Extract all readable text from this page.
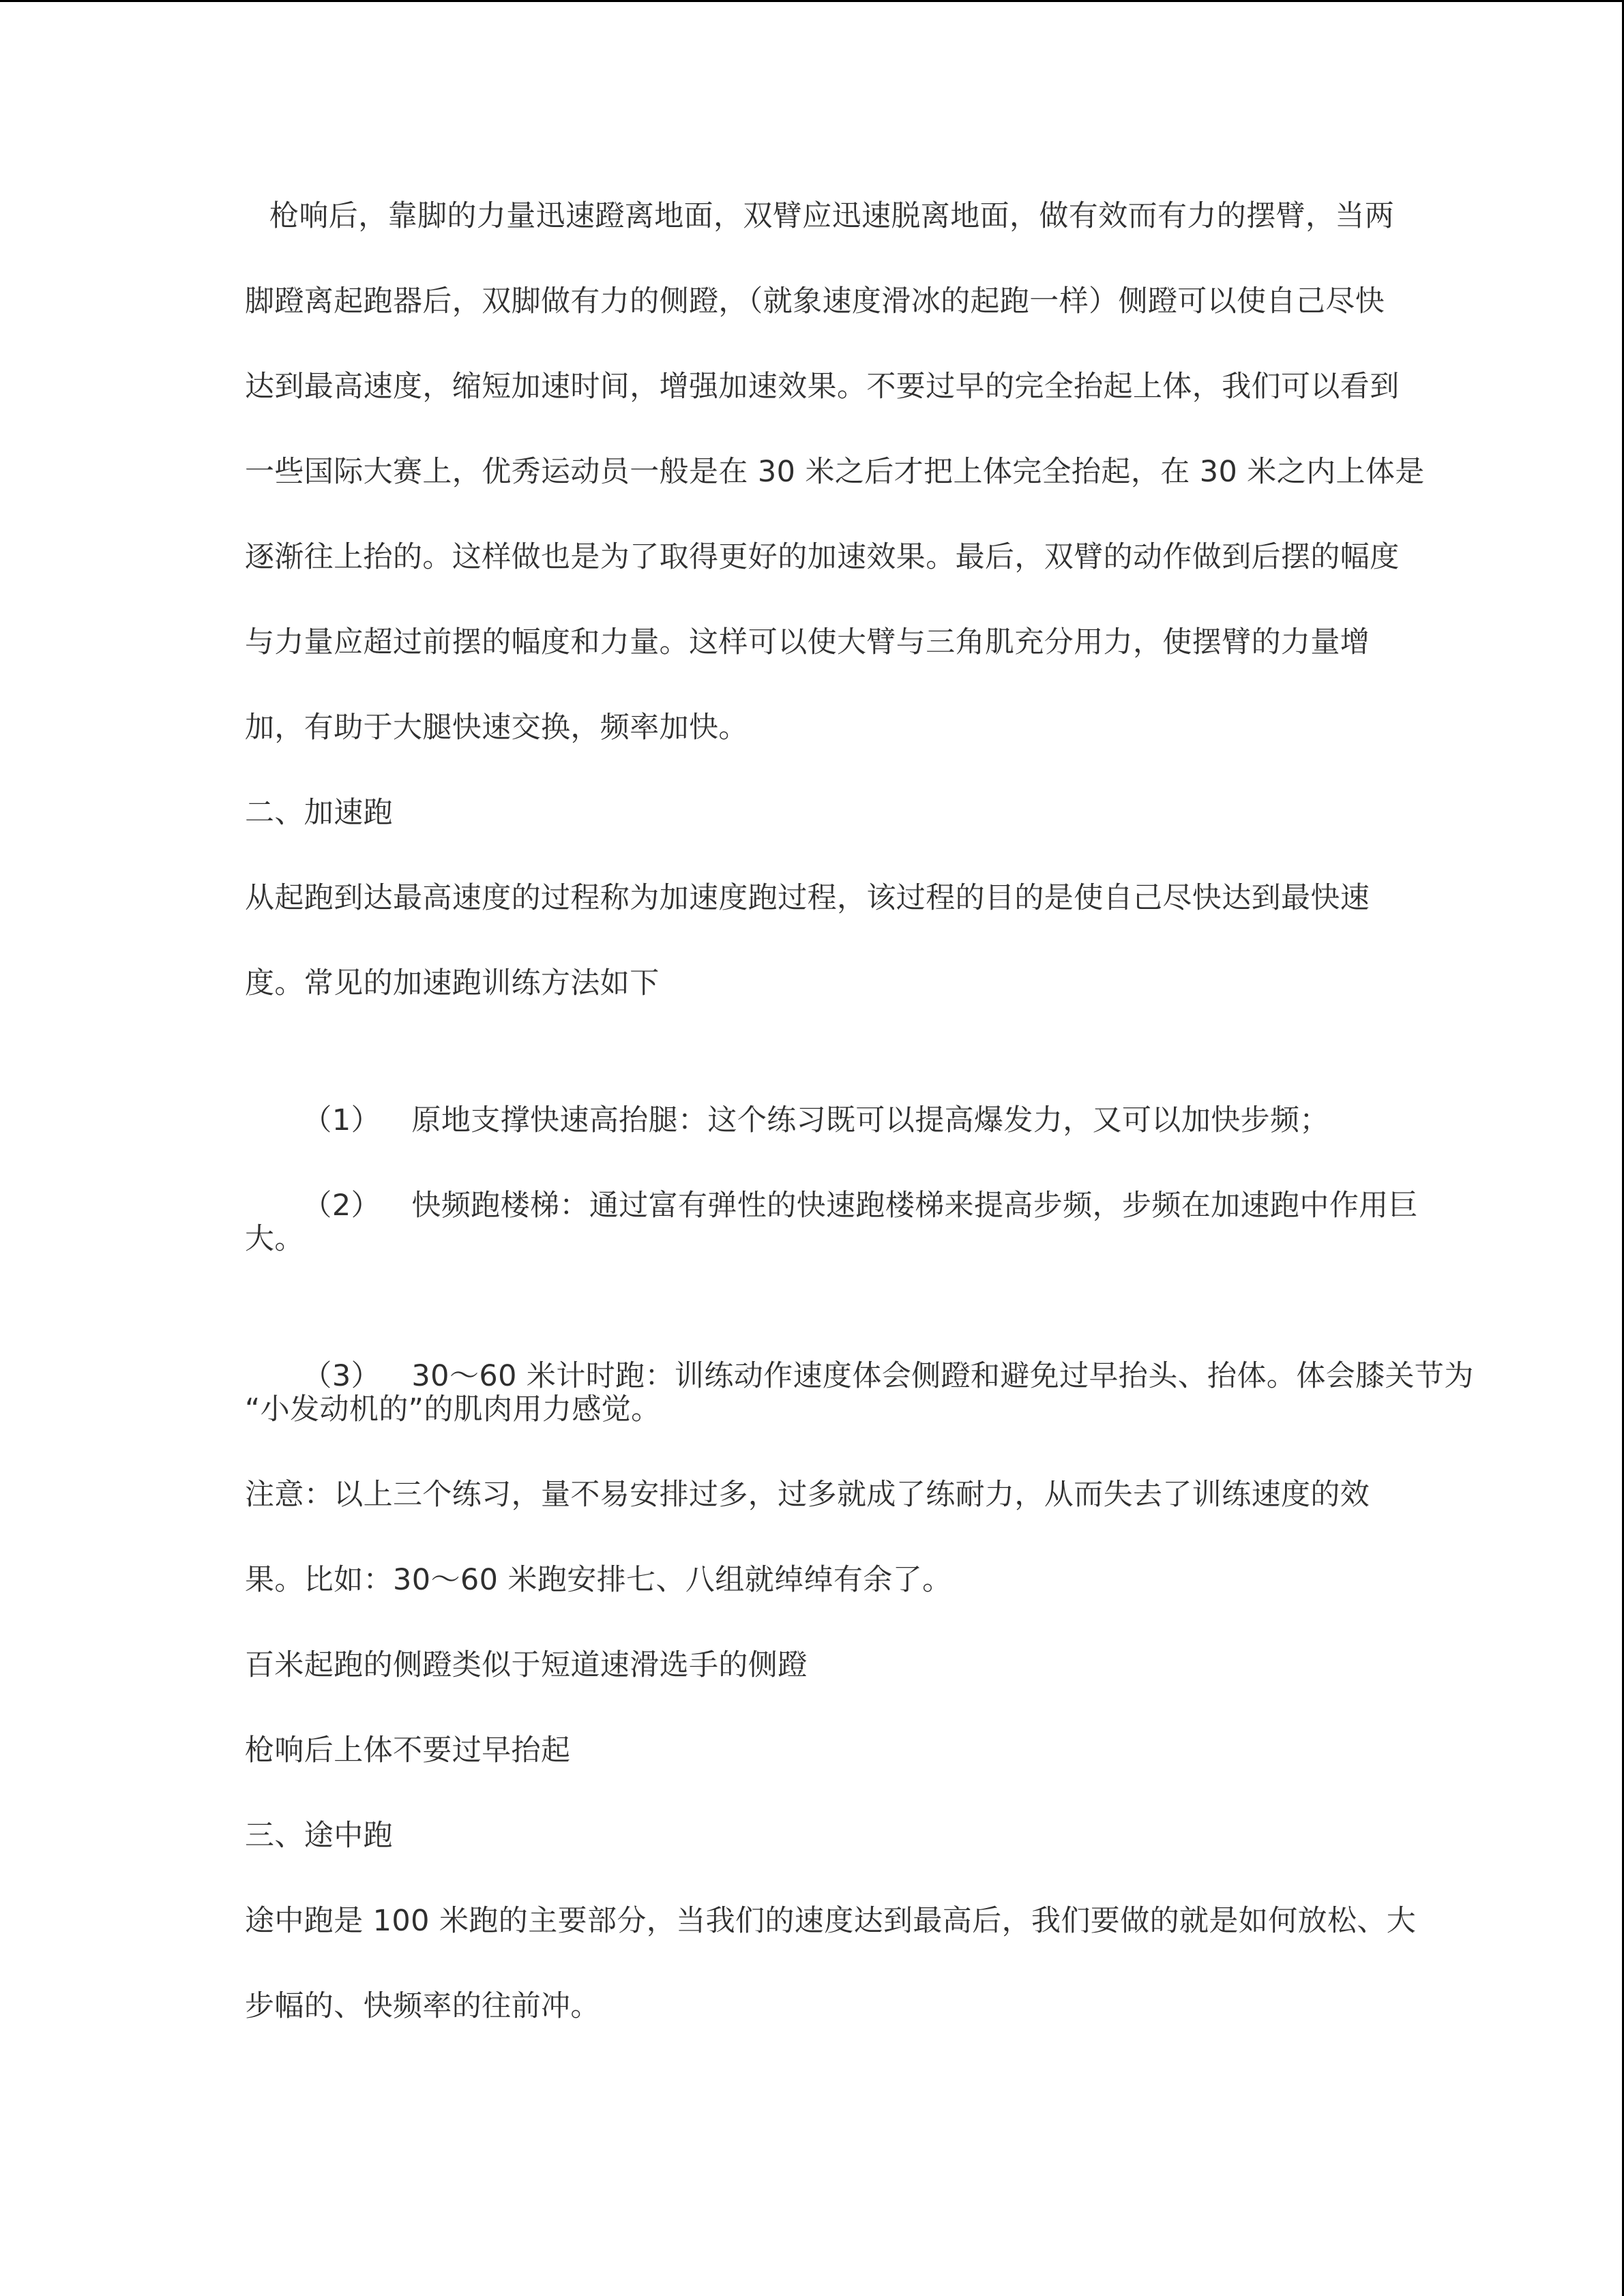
枪响后，靠脚的力量迅速蹬离地面，双臂应迅速脱离地面，做有效而有力的摆臂，当两
脚蹬离起跑器后，双脚做有力的侧蹬，（就象速度滑冰的起跑一样）侧蹬可以使自己尽快
达到最高速度，缩短加速时间，增强加速效果。不要过早的完全抬起上体，我们可以看到
一些国际大赛上，优秀运动员一般是在 30 米之后才把上体完全抬起，在 30 米之内上体是
逐渐往上抬的。这样做也是为了取得更好的加速效果。最后，双臂的动作做到后摆的幅度
与力量应超过前摆的幅度和力量。这样可以使大臂与三角肌充分用力，使摆臂的力量增
加，有助于大腿快速交换，频率加快。
二、加速跑
从起跑到达最高速度的过程称为加速度跑过程，该过程的目的是使自己尽快达到最快速
度。常见的加速跑训练方法如下

（1） 原地支撑快速高抬腿：这个练习既可以提高爆发力，又可以加快步频；

（2） 快频跑楼梯：通过富有弹性的快速跑楼梯来提高步频，步频在加速跑中作用巨

大。

（3） 30～60 米计时跑：训练动作速度体会侧蹬和避免过早抬头、抬体。体会膝关节为

“小发动机的”的肌肉用力感觉。
注意：以上三个练习，量不易安排过多，过多就成了练耐力，从而失去了训练速度的效
果。比如：30～60 米跑安排七、八组就绰绰有余了。
百米起跑的侧蹬类似于短道速滑选手的侧蹬
枪响后上体不要过早抬起
三、途中跑
途中跑是 100 米跑的主要部分，当我们的速度达到最高后，我们要做的就是如何放松、大
步幅的、快频率的往前冲。
